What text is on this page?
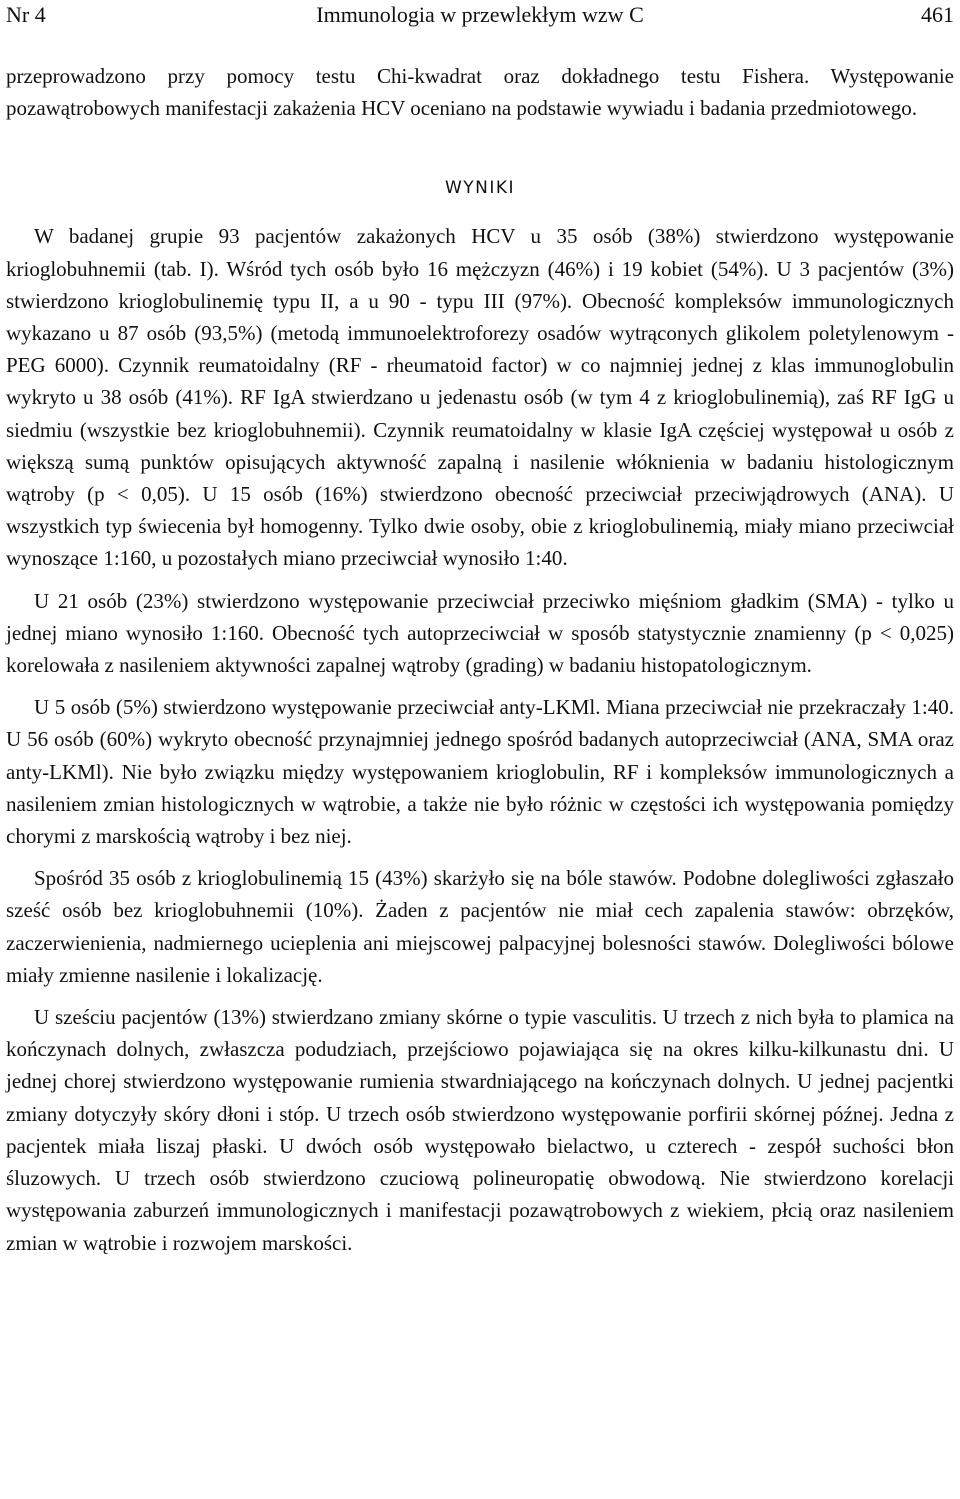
Nr 4	Immunologia w przewlekłym wzw C	461

przeprowadzono przy pomocy testu Chi-kwadrat oraz dokładnego testu Fishera. Występowanie pozawątrobowych manifestacji zakażenia HCV oceniano na podstawie wywiadu i badania przedmiotowego.

WYNIKI

W badanej grupie 93 pacjentów zakażonych HCV u 35 osób (38%) stwierdzono występowanie krioglobuhnemii (tab. I). Wśród tych osób było 16 mężczyzn (46%) i 19 kobiet (54%). U 3 pacjentów (3%) stwierdzono krioglobulinemię typu II, a u 90 - typu III (97%). Obecność kompleksów immunologicznych wykazano u 87 osób (93,5%) (metodą immunoelektroforezy osadów wytrąconych glikolem poletylenowym - PEG 6000). Czynnik reumatoidalny (RF - rheumatoid factor) w co najmniej jednej z klas immunoglobulin wykryto u 38 osób (41%). RF IgA stwierdzano u jedenastu osób (w tym 4 z krioglobulinemią), zaś RF IgG u siedmiu (wszystkie bez krioglobuhnemii). Czynnik reumatoidalny w klasie IgA częściej występował u osób z większą sumą punktów opisujących aktywność zapalną i nasilenie włóknienia w badaniu histologicznym wątroby (p < 0,05). U 15 osób (16%) stwierdzono obecność przeciwciał przeciwjądrowych (ANA). U wszystkich typ świecenia był homogenny. Tylko dwie osoby, obie z krioglobulinemią, miały miano przeciwciał wynoszące 1:160, u pozostałych miano przeciwciał wynosiło 1:40.

U 21 osób (23%) stwierdzono występowanie przeciwciał przeciwko mięśniom gładkim (SMA) - tylko u jednej miano wynosiło 1:160. Obecność tych autoprzeciwciał w sposób statystycznie znamienny (p < 0,025) korelowała z nasileniem aktywności zapalnej wątroby (grading) w badaniu histopatologicznym.

U 5 osób (5%) stwierdzono występowanie przeciwciał anty-LKMl. Miana przeciwciał nie przekraczały 1:40. U 56 osób (60%) wykryto obecność przynajmniej jednego spośród badanych autoprzeciwciał (ANA, SMA oraz anty-LKMl). Nie było związku między występowaniem krioglobulin, RF i kompleksów immunologicznych a nasileniem zmian histologicznych w wątrobie, a także nie było różnic w częstości ich występowania pomiędzy chorymi z marskością wątroby i bez niej.

Spośród 35 osób z krioglobulinemią 15 (43%) skarżyło się na bóle stawów. Podobne dolegliwości zgłaszało sześć osób bez krioglobuhnemii (10%). Żaden z pacjentów nie miał cech zapalenia stawów: obrzęków, zaczerwienienia, nadmiernego ucieplenia ani miejscowej palpacyjnej bolesności stawów. Dolegliwości bólowe miały zmienne nasilenie i lokalizację.

U sześciu pacjentów (13%) stwierdzano zmiany skórne o typie vasculitis. U trzech z nich była to plamica na kończynach dolnych, zwłaszcza podudziach, przejściowo pojawiająca się na okres kilku-kilkunastu dni. U jednej chorej stwierdzono występowanie rumienia stwardniającego na kończynach dolnych. U jednej pacjentki zmiany dotyczyły skóry dłoni i stóp. U trzech osób stwierdzono występowanie porfirii skórnej późnej. Jedna z pacjentek miała liszaj płaski. U dwóch osób występowało bielactwo, u czterech - zespół suchości błon śluzowych. U trzech osób stwierdzono czuciową polineuropatię obwodową. Nie stwierdzono korelacji występowania zaburzeń immunologicznych i manifestacji pozawątrobowych z wiekiem, płcią oraz nasileniem zmian w wątrobie i rozwojem marskości.
